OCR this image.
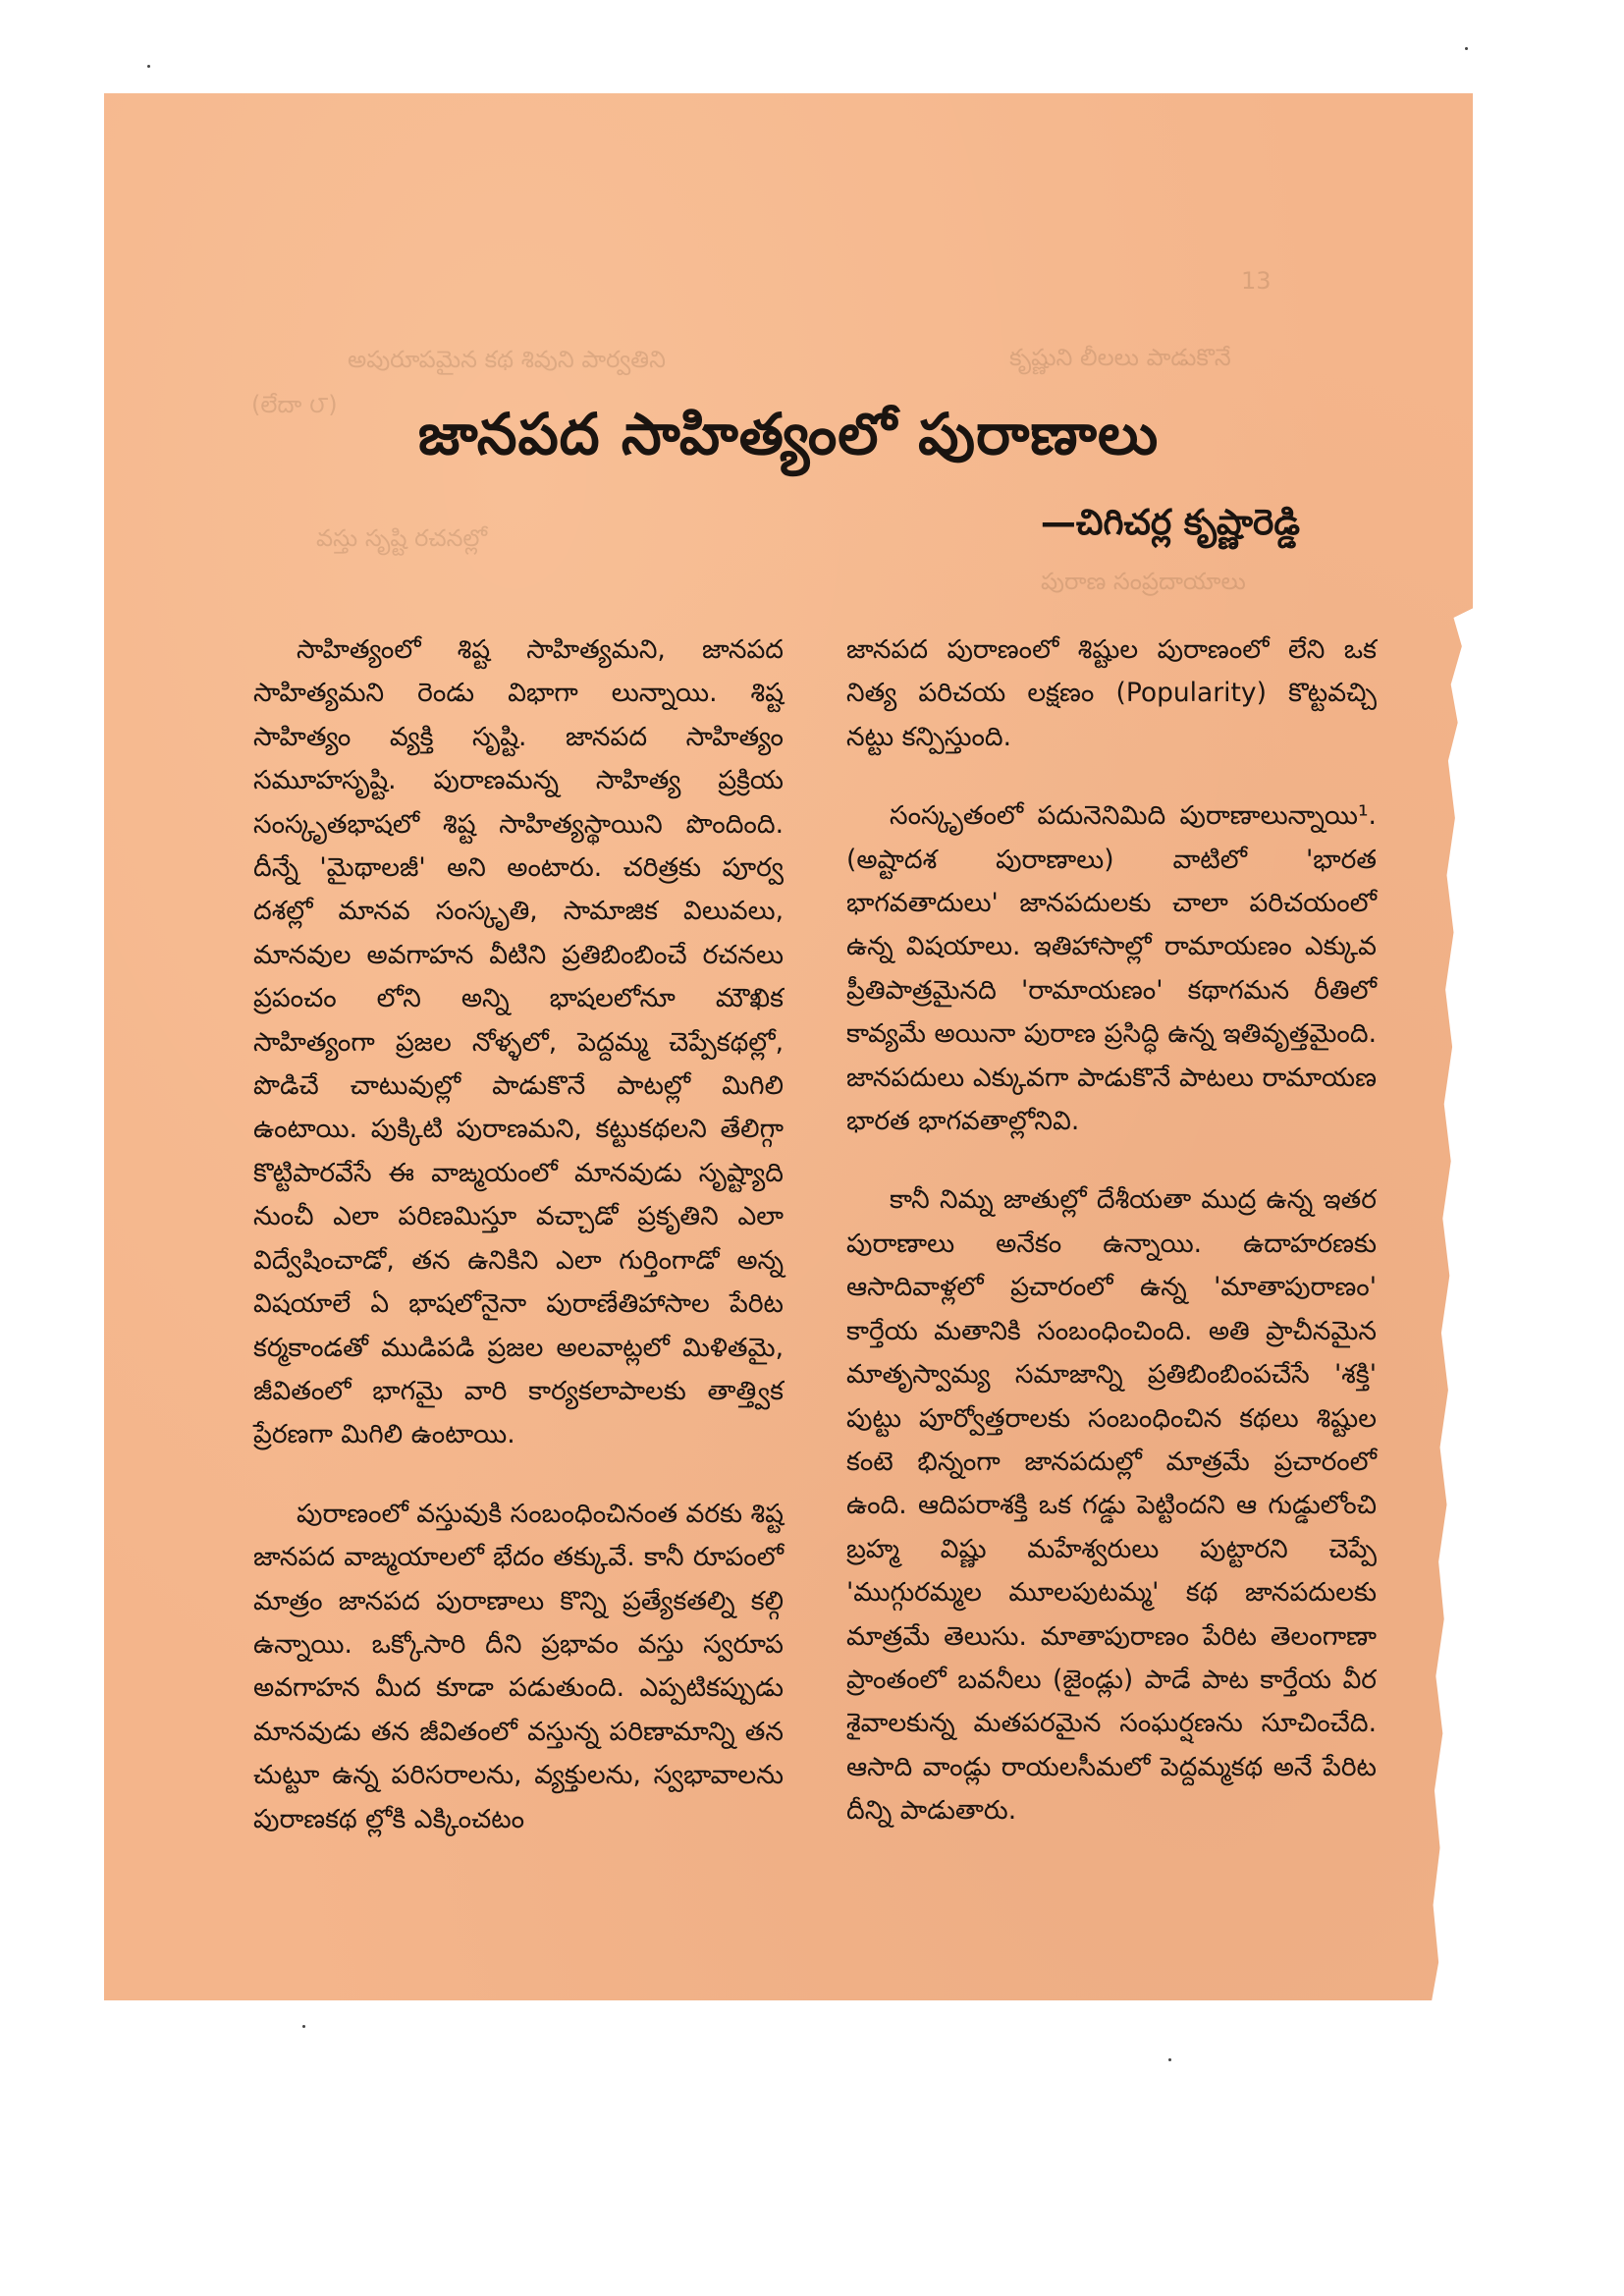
13
అపురూపమైన కథ శివుని పార్వతిని
(లేదా ౮)
వస్తు సృష్టి రచనల్లో
కృష్ణుని లీలలు పాడుకొనే
పురాణ సంప్రదాయాలు
జానపద సాహిత్యంలో పురాణాలు
—చిగిచర్ల కృష్ణారెడ్డి

సాహిత్యంలో శిష్ట సాహిత్యమని, జానపద సాహిత్యమని రెండు విభాగా లున్నాయి. శిష్ట సాహిత్యం వ్యక్తి సృష్టి. జానపద సాహిత్యం సమూహసృష్టి. పురాణమన్న సాహిత్య ప్రక్రియ సంస్కృతభాషలో శిష్ట సాహిత్యస్థాయిని పొందింది. దీన్నే 'మైథాలజీ' అని అంటారు. చరిత్రకు పూర్వ దశల్లో మానవ సంస్కృతి, సామాజిక విలువలు, మానవుల అవగాహన వీటిని ప్రతిబింబించే రచనలు ప్రపంచం లోని అన్ని భాషలలోనూ మౌఖిక సాహిత్యంగా ప్రజల నోళ్ళలో, పెద్దమ్మ చెప్పేకథల్లో, పొడిచే చాటువుల్లో పాడుకొనే పాటల్లో మిగిలి ఉంటాయి. పుక్కిటి పురాణమని, కట్టుకథలని తేలిగ్గా కొట్టిపారవేసే ఈ వాఙ్మయంలో మానవుడు సృష్ట్యాది నుంచీ ఎలా పరిణమిస్తూ వచ్చాడో ప్రకృతిని ఎలా విద్వేషించాడో, తన ఉనికిని ఎలా గుర్తింగాడో అన్న విషయాలే ఏ భాషలోనైనా పురాణేతిహాసాల పేరిట కర్మకాండతో ముడిపడి ప్రజల అలవాట్లలో మిళితమై, జీవితంలో భాగమై వారి కార్యకలాపాలకు తాత్త్విక ప్రేరణగా మిగిలి ఉంటాయి.

పురాణంలో వస్తువుకి సంబంధించినంత వరకు శిష్ట జానపద వాఙ్మయాలలో భేదం తక్కువే. కానీ రూపంలో మాత్రం జానపద పురాణాలు కొన్ని ప్రత్యేకతల్ని కల్గి ఉన్నాయి. ఒక్కోసారి దీని ప్రభావం వస్తు స్వరూప అవగాహన మీద కూడా పడుతుంది. ఎప్పటికప్పుడు మానవుడు తన జీవితంలో వస్తున్న పరిణామాన్ని తన చుట్టూ ఉన్న పరిసరాలను, వ్యక్తులను, స్వభావాలను పురాణకథ ల్లోకి ఎక్కించటం

జానపద పురాణంలో శిష్టుల పురాణంలో లేని ఒక నిత్య పరిచయ లక్షణం (Popularity) కొట్టవచ్చి నట్టు కన్పిస్తుంది.

సంస్కృతంలో పదునెనిమిది పురాణాలున్నాయి¹. (అష్టాదశ పురాణాలు) వాటిలో 'భారత భాగవతాదులు' జానపదులకు చాలా పరిచయంలో ఉన్న విషయాలు. ఇతిహాసాల్లో రామాయణం ఎక్కువ ప్రీతిపాత్రమైనది 'రామాయణం' కథాగమన రీతిలో కావ్యమే అయినా పురాణ ప్రసిద్ధి ఉన్న ఇతివృత్తమైంది. జానపదులు ఎక్కువగా పాడుకొనే పాటలు రామాయణ భారత భాగవతాల్లోనివి.

కానీ నిమ్న జాతుల్లో దేశీయతా ముద్ర ఉన్న ఇతర పురాణాలు అనేకం ఉన్నాయి. ఉదాహరణకు ఆసాదివాళ్లలో ప్రచారంలో ఉన్న 'మాతాపురాణం' కార్తేయ మతానికి సంబంధించింది. అతి ప్రాచీనమైన మాతృస్వామ్య సమాజాన్ని ప్రతిబింబింపచేసే 'శక్తి' పుట్టు పూర్వోత్తరాలకు సంబంధించిన కథలు శిష్టుల కంటె భిన్నంగా జానపదుల్లో మాత్రమే ప్రచారంలో ఉంది. ఆదిపరాశక్తి ఒక గడ్డు పెట్టిందని ఆ గుడ్డులోంచి బ్రహ్మ విష్ణు మహేశ్వరులు పుట్టారని చెప్పే 'ముగ్గురమ్మల మూలపుటమ్మ' కథ జానపదులకు మాత్రమే తెలుసు. మాతాపురాణం పేరిట తెలంగాణా ప్రాంతంలో బవనీలు (జైండ్లు) పాడే పాట కార్తేయ వీర శైవాలకున్న మతపరమైన సంఘర్షణను సూచించేది. ఆసాది వాండ్లు రాయలసీమలో పెద్దమ్మకథ అనే పేరిట దీన్ని పాడుతారు.
